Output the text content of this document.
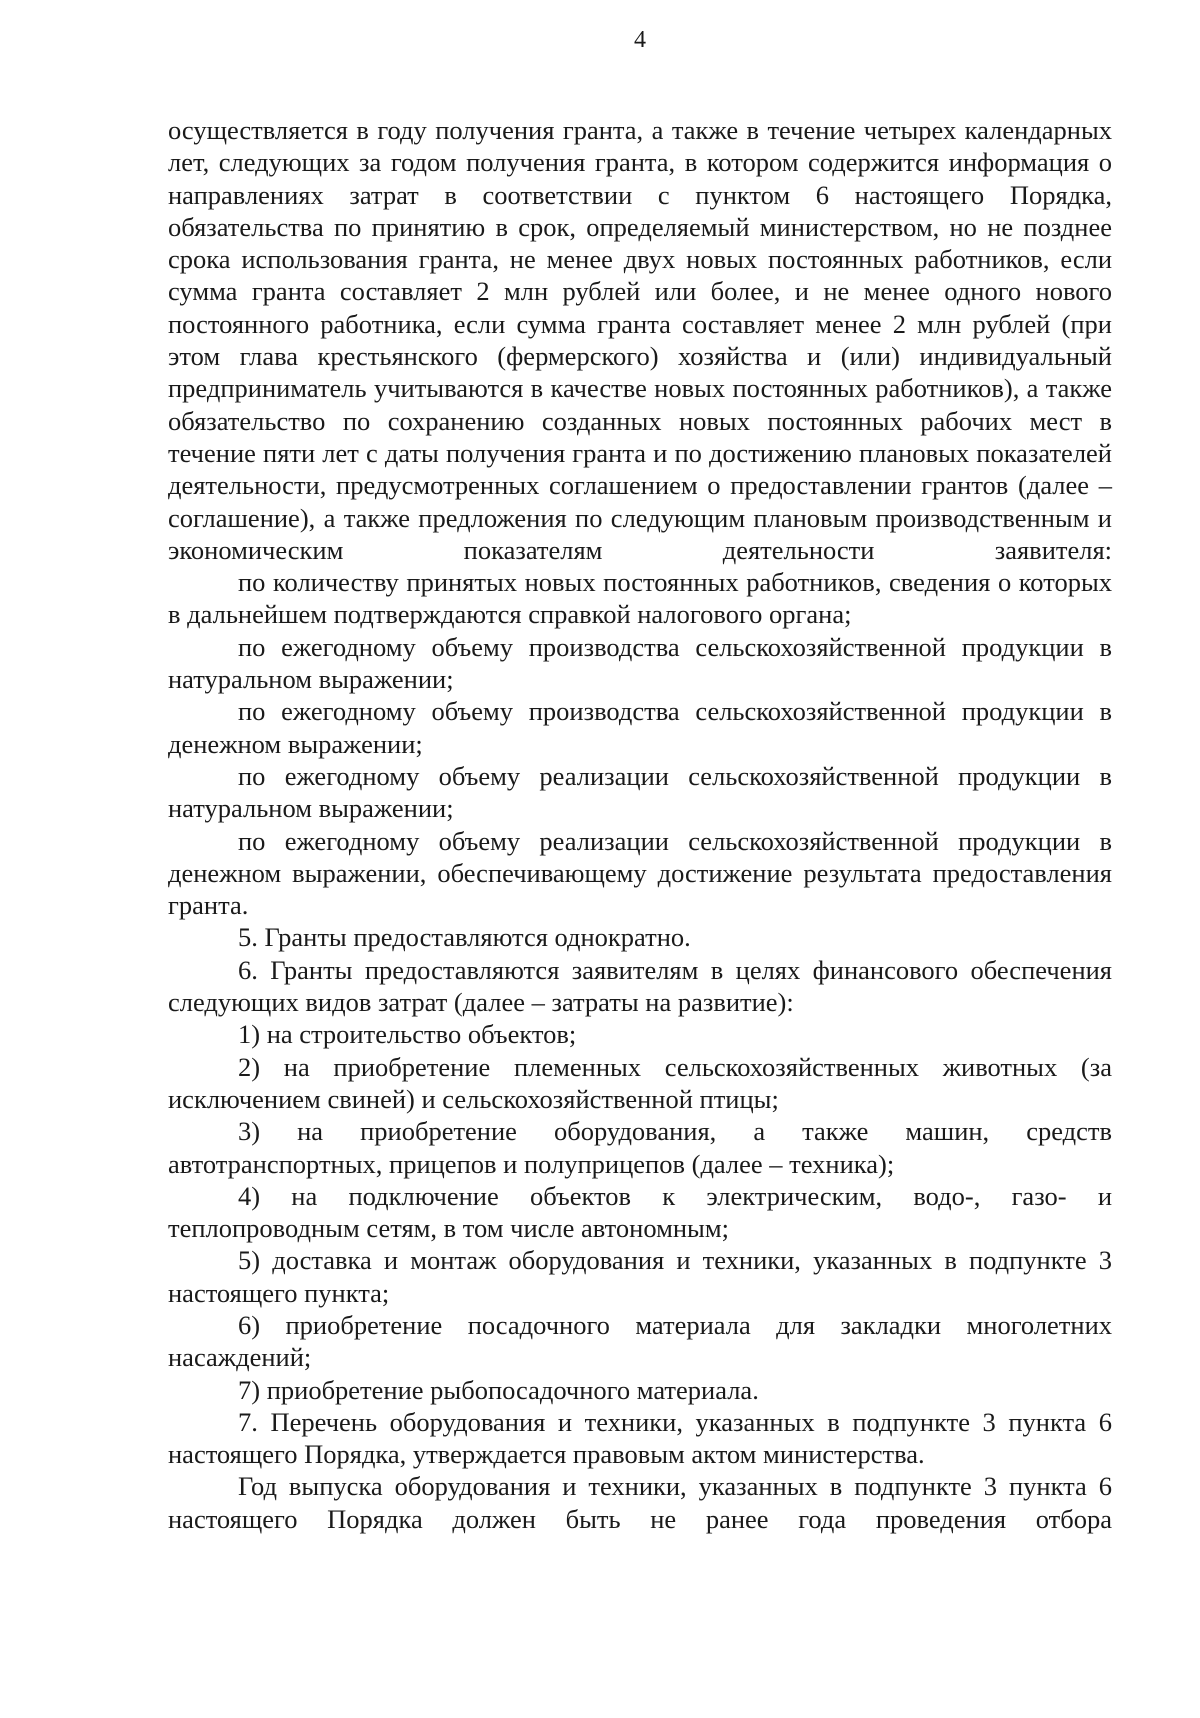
4

осуществляется в году получения гранта, а также в течение четырех календарных лет, следующих за годом получения гранта, в котором содержится информация о направлениях затрат в соответствии с пунктом 6 настоящего Порядка, обязательства по принятию в срок, определяемый министерством, но не позднее срока использования гранта, не менее двух новых постоянных работников, если сумма гранта составляет 2 млн рублей или более, и не менее одного нового постоянного работника, если сумма гранта составляет менее 2 млн рублей (при этом глава крестьянского (фермерского) хозяйства и (или) индивидуальный предприниматель учитываются в качестве новых постоянных работников), а также обязательство по сохранению созданных новых постоянных рабочих мест в течение пяти лет с даты получения гранта и по достижению плановых показателей деятельности, предусмотренных соглашением о предоставлении грантов (далее – соглашение), а также предложения по следующим плановым производственным и экономическим показателям деятельности заявителя:

по количеству принятых новых постоянных работников, сведения о которых в дальнейшем подтверждаются справкой налогового органа;

по ежегодному объему производства сельскохозяйственной продукции в натуральном выражении;

по ежегодному объему производства сельскохозяйственной продукции в денежном выражении;

по ежегодному объему реализации сельскохозяйственной продукции в натуральном выражении;

по ежегодному объему реализации сельскохозяйственной продукции в денежном выражении, обеспечивающему достижение результата предоставления гранта.

5. Гранты предоставляются однократно.

6. Гранты предоставляются заявителям в целях финансового обеспечения следующих видов затрат (далее – затраты на развитие):

1) на строительство объектов;

2) на приобретение племенных сельскохозяйственных животных (за исключением свиней) и сельскохозяйственной птицы;

3) на приобретение оборудования, а также машин, средств автотранспортных, прицепов и полуприцепов (далее – техника);

4) на подключение объектов к электрическим, водо-, газо- и теплопроводным сетям, в том числе автономным;

5) доставка и монтаж оборудования и техники, указанных в подпункте 3 настоящего пункта;

6) приобретение посадочного материала для закладки многолетних насаждений;

7) приобретение рыбопосадочного материала.

7. Перечень оборудования и техники, указанных в подпункте 3 пункта 6 настоящего Порядка, утверждается правовым актом министерства.

Год выпуска оборудования и техники, указанных в подпункте 3 пункта 6 настоящего Порядка должен быть не ранее года проведения отбора
